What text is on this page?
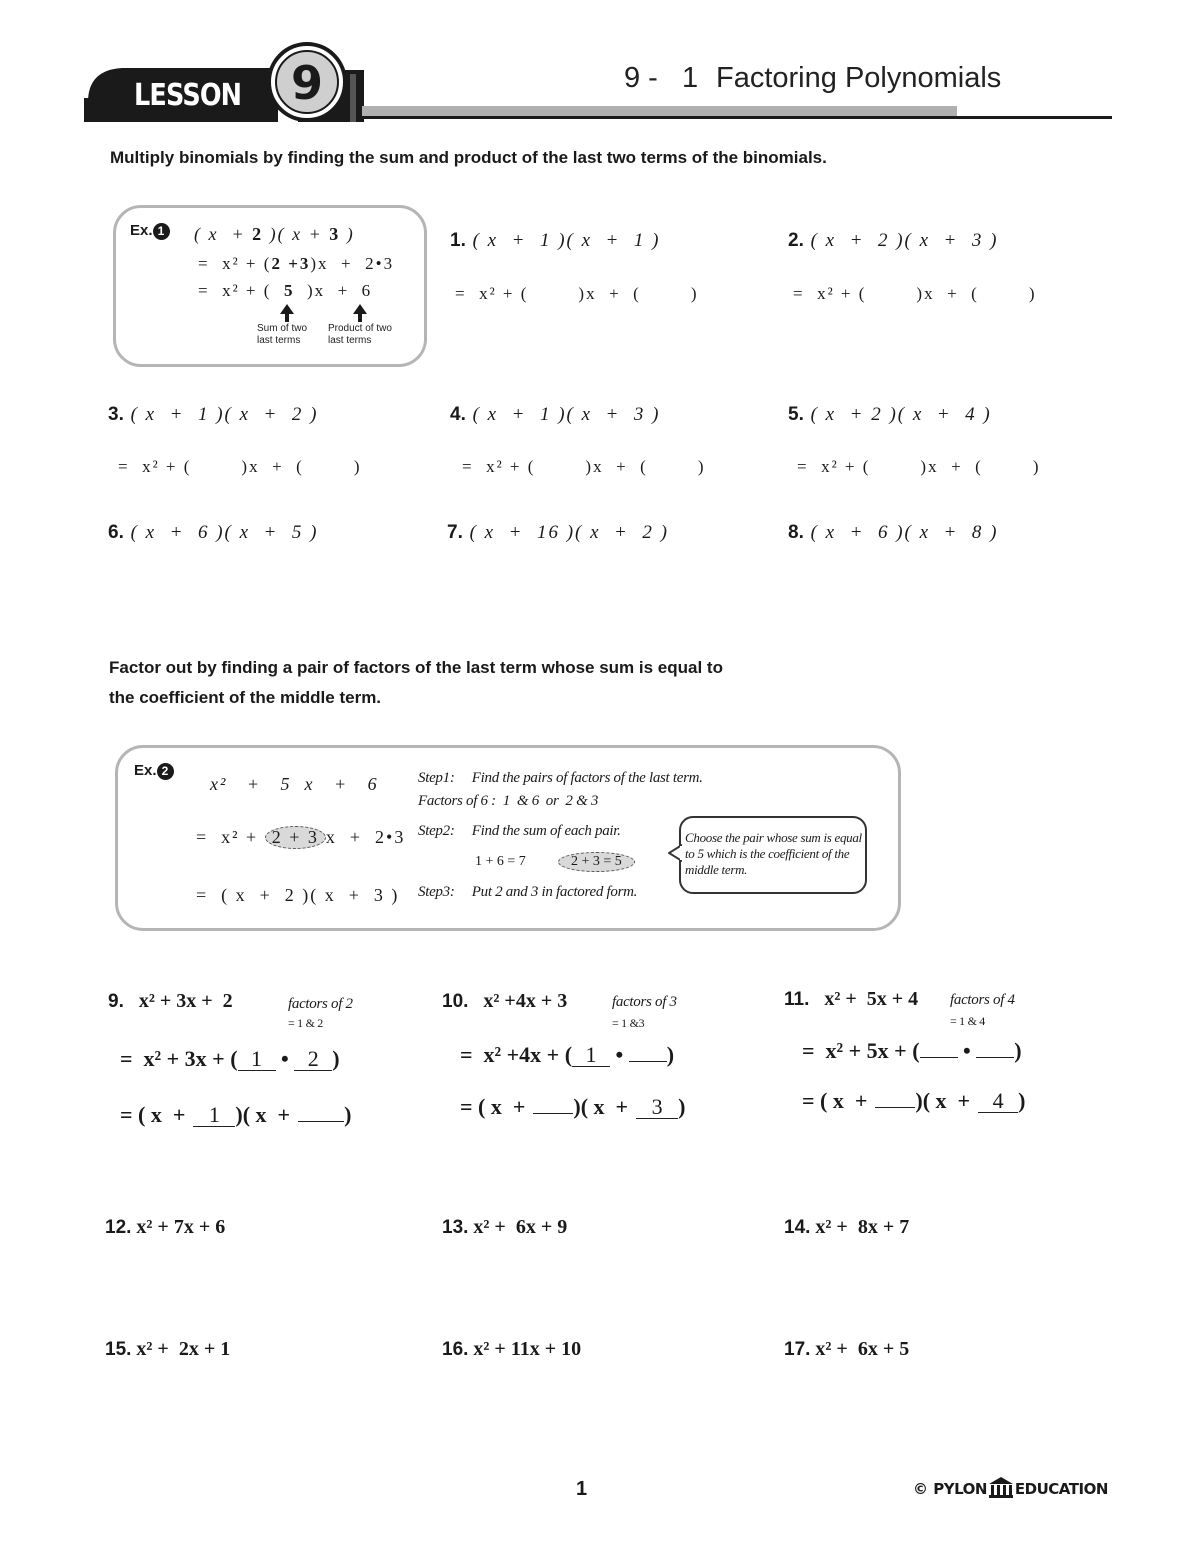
LESSON 9	9 -   1 Factoring Polynomials
Multiply binomials by finding the sum and product of the last two terms of the binomials.
Ex. 1 ( x  + 2 )( x + 3 )
=  x² + (2 +3)x  +  2•3
=  x² + (  5  )x  +  6
Sum of two last terms
Product of two last terms
1. ( x  +  1 )( x  +  1 )
=  x² + (        )x  +  (        )
2. ( x  +  2 )( x  +  3 )
=  x² + (        )x  +  (        )
3. ( x  +  1 )( x  +  2 )
=  x² + (        )x  +  (        )
4. ( x  +  1 )( x  +  3 )
=  x² + (        )x  +  (        )
5. ( x  + 2 )( x  +  4 )
=  x² + (        )x  +  (        )
6. ( x  +  6 )( x  +  5 )	7. ( x  +  16 )( x  +  2 )	8. ( x  +  6 )( x  +  8 )
Factor out by finding a pair of factors of the last term whose sum is equal to
the coefficient of the middle term.
Ex. 2
x²   +   5  x   +   6
=  x² + 2 + 3 x  +  2•3
=  ( x  +  2 )( x  +  3 )
Step1:     Find the pairs of factors of the last term.
Factors of 6 :  1  & 6  or  2 & 3
Step2:     Find the sum of each pair.
1 + 6 = 7	2 + 3 = 5
Step3:     Put 2 and 3 in factored form.
Choose the pair whose sum is equal to 5 which is the coefficient of the middle term.
9. x² + 3x +  2	factors of 2
= 1 & 2
=  x² + 3x + ( 1 • 2 )
= ( x  + 1 )( x  + )
10. x² +4x + 3	factors of 3
= 1 &3
=  x² +4x + ( 1 • )
= ( x  + )( x  + 3 )
11. x² +  5x + 4 factors of 4
= 1 & 4
=  x² + 5x + ( • )
= ( x  + )( x  + 4 )
12. x² + 7x + 6	13. x² +  6x + 9	14. x² +  8x + 7
15. x² +  2x + 1	16. x² + 11x + 10	17. x² +  6x + 5
1	© PYLON EDUCATION
